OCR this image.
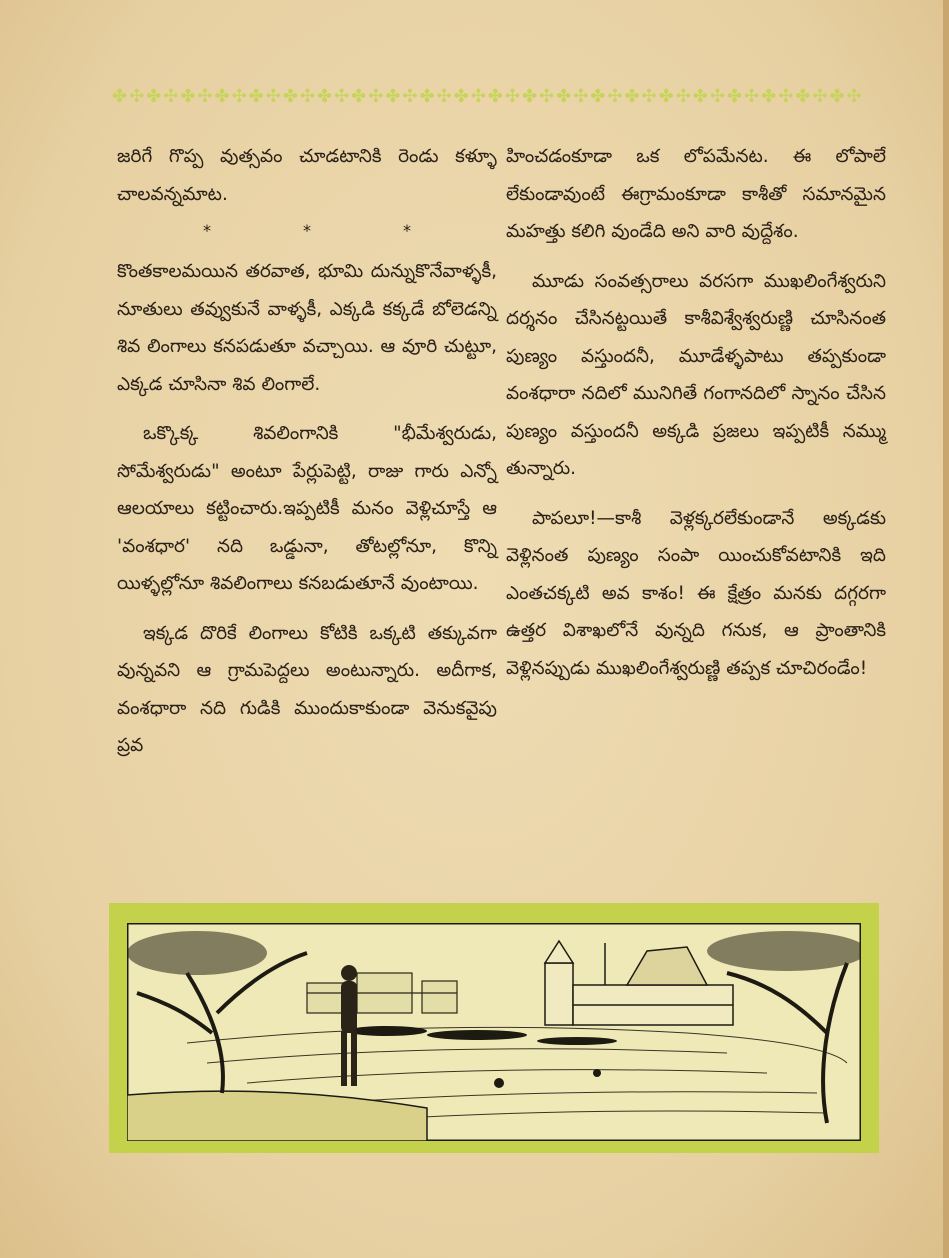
✤✣✤✣✤✣✤✣✤✣✤✣✤✣✤✣✤✣✤✣✤✣✤✣✤✣✤✣✤✣✤✣✤✣✤✣✤✣✤✣✤✣✤✣

జరిగే గొప్ప వుత్సవం చూడటానికి రెండు కళ్ళూ చాలవన్నమాట.

*	*	*

కొంతకాలమయిన తరవాత, భూమి దున్నుకొనేవాళ్ళకీ, నూతులు తవ్వుకునే వాళ్ళకీ, ఎక్కడి కక్కడే బోలెడన్ని శివ లింగాలు కనపడుతూ వచ్చాయి. ఆ వూరి చుట్టూ, ఎక్కడ చూసినా శివ లింగాలే.

ఒక్కొక్క శివలింగానికి "భీమేశ్వరుడు, సోమేశ్వరుడు" అంటూ పేర్లుపెట్టి, రాజు గారు ఎన్నో ఆలయాలు కట్టించారు.ఇప్పటికీ మనం వెళ్లిచూస్తే ఆ 'వంశధార' నది ఒడ్డునా, తోటల్లోనూ, కొన్ని యిళ్ళల్లోనూ శివలింగాలు కనబడుతూనే వుంటాయి.

ఇక్కడ దొరికే లింగాలు కోటికి ఒక్కటి తక్కువగా వున్నవని ఆ గ్రామపెద్దలు అంటున్నారు. అదీగాక, వంశధారా నది గుడికి ముందుకాకుండా వెనుకవైపు ప్రవ

హించడంకూడా ఒక లోపమేనట. ఈ లోపాలే లేకుండావుంటే ఈగ్రామంకూడా కాశీతో సమానమైన మహత్తు కలిగి వుండేది అని వారి వుద్దేశం.

మూడు సంవత్సరాలు వరసగా ముఖలింగేశ్వరుని దర్శనం చేసినట్టయితే కాశీవిశ్వేశ్వరుణ్ణి చూసినంత పుణ్యం వస్తుందనీ, మూడేళ్ళపాటు తప్పకుండా వంశధారా నదిలో మునిగితే గంగానదిలో స్నానం చేసిన పుణ్యం వస్తుందనీ అక్కడి ప్రజలు ఇప్పటికీ నమ్ము తున్నారు.

పాపలూ!—కాశీ వెళ్లక్కరలేకుండానే అక్కడకు వెళ్లినంత పుణ్యం సంపా యించుకోవటానికి ఇది ఎంతచక్కటి అవ కాశం! ఈ క్షేత్రం మనకు దగ్గరగా ఉత్తర విశాఖలోనే వున్నది గనుక, ఆ ప్రాంతానికి వెళ్లినప్పుడు ముఖలింగేశ్వరుణ్ణి తప్పక చూచిరండేం!
